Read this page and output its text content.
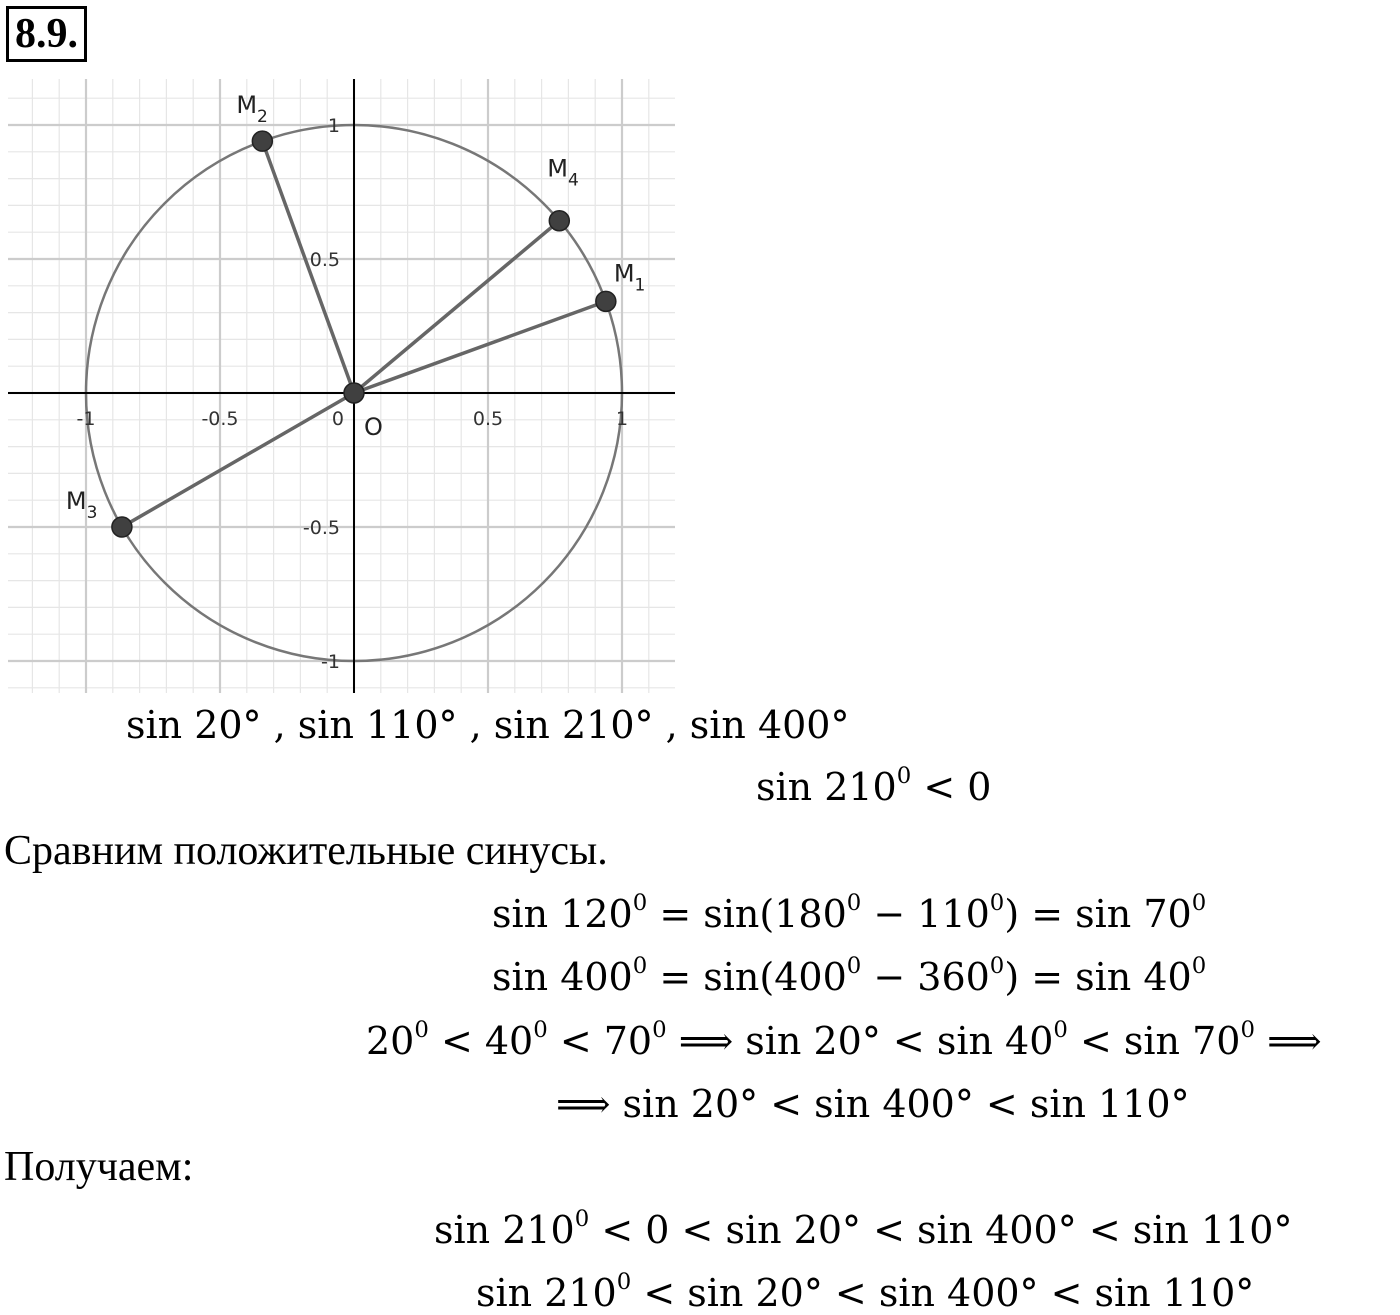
8.9.
-1	-0.5	0	0.5	1
1
0.5
-0.5
-1
$M_1$
$M_2$
$M_3$
$M_4$
O
sin 20° , sin 110° , sin 210° , sin 400°
$\sin 210^0 < 0$
Сравним положительные синусы.
$\sin 120^0 = \sin(180^0 - 110^0) = \sin 70^0$
$\sin 400^0 = \sin(400^0 - 360^0) = \sin 40^0$
$20^0 < 40^0 < 70^0$ ⟹ $\sin 20^\circ < \sin 40^0 < \sin 70^0$ ⟹
⟹ sin 20° < sin 400° < sin 110°
Получаем:
$\sin 210^0 < 0 < \sin 20^\circ < \sin 400^\circ < \sin 110^\circ$
$\sin 210^0 < \sin 20^\circ < \sin 400^\circ < \sin 110^\circ$
